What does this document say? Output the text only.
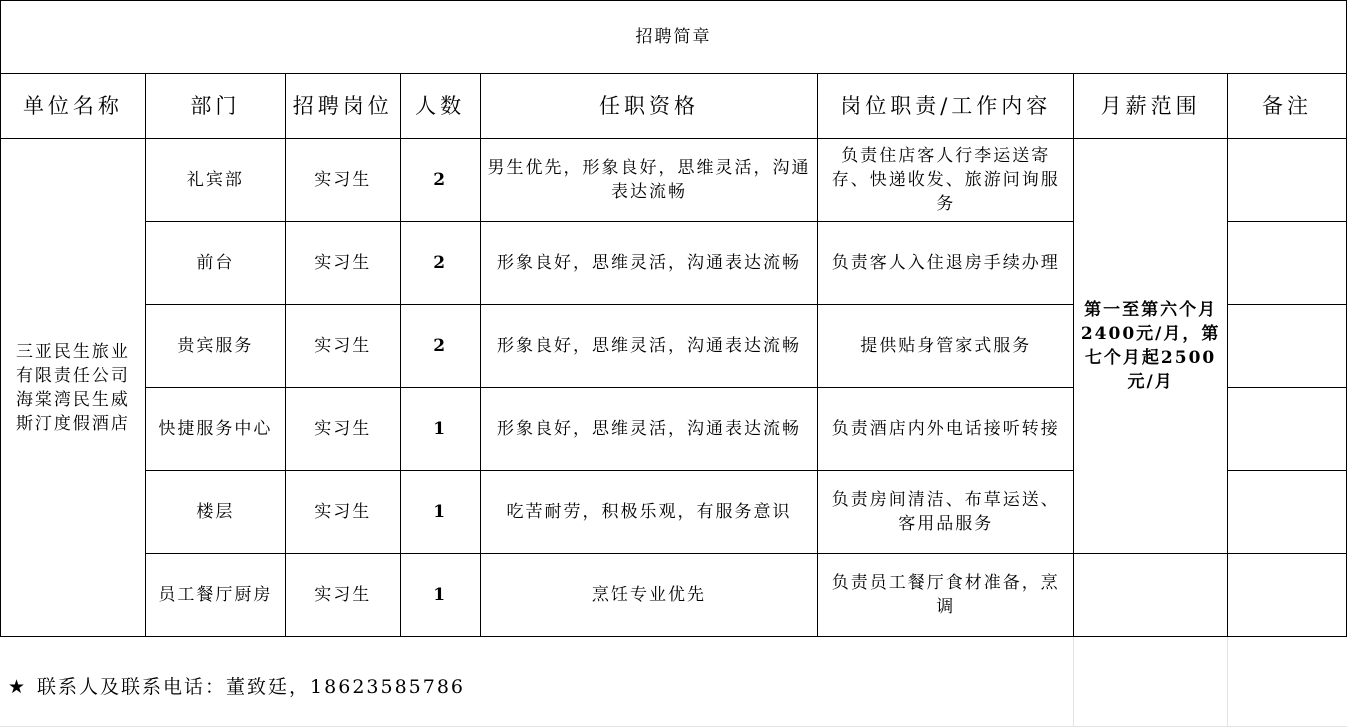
招聘简章							
单位名称	部门	招聘岗位	人数	任职资格	岗位职责/工作内容	月薪范围	备注
三亚民生旅业有限责任公司海棠湾民生威斯汀度假酒店	礼宾部	实习生	2	男生优先，形象良好，思维灵活，沟通表达流畅	负责住店客人行李运送寄存、快递收发、旅游问询服务	第一至第六个月2400元/月，第七个月起2500元/月	
	前台	实习生	2	形象良好，思维灵活，沟通表达流畅	负责客人入住退房手续办理		
	贵宾服务	实习生	2	形象良好，思维灵活，沟通表达流畅	提供贴身管家式服务		
	快捷服务中心	实习生	1	形象良好，思维灵活，沟通表达流畅	负责酒店内外电话接听转接		
	楼层	实习生	1	吃苦耐劳，积极乐观，有服务意识	负责房间清洁、布草运送、客用品服务		
	员工餐厅厨房	实习生	1	烹饪专业优先	负责员工餐厅食材准备，烹调		
★ 联系人及联系电话：董致廷，18623585786
